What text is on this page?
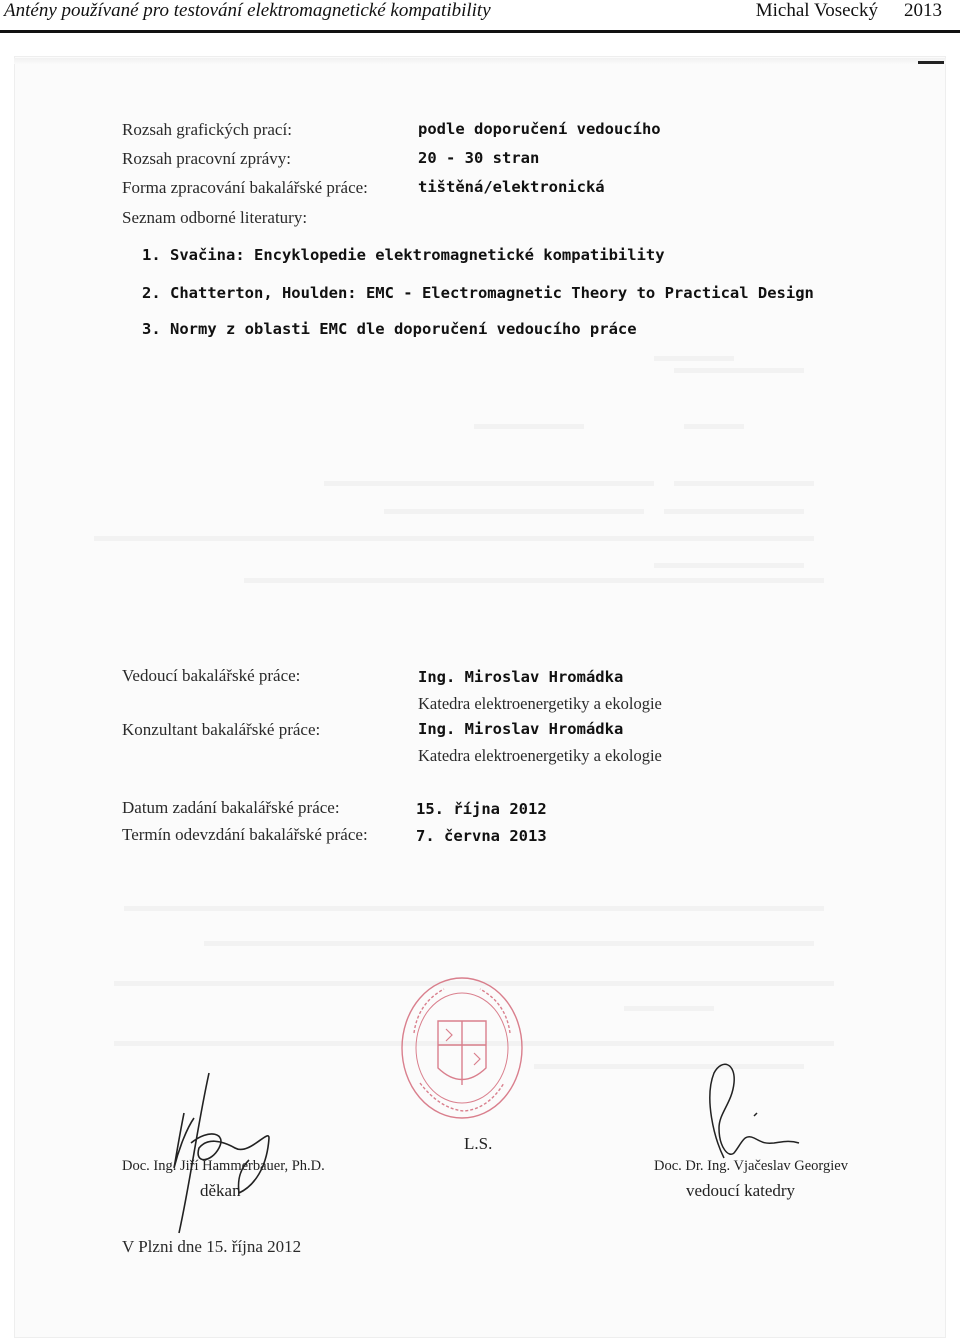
Antény používané pro testování elektromagnetické kompatibility	Michal Vosecký 2013
Rozsah grafických prací:	podle doporučení vedoucího
Rozsah pracovní zprávy:	20 - 30 stran
Forma zpracování bakalářské práce:	tištěná/elektronická
Seznam odborné literatury:
1. Svačina: Encyklopedie elektromagnetické kompatibility
2. Chatterton, Houlden: EMC - Electromagnetic Theory to Practical Design
3. Normy z oblasti EMC dle doporučení vedoucího práce
Vedoucí bakalářské práce:	Ing. Miroslav Hromádka
Katedra elektroenergetiky a ekologie
Konzultant bakalářské práce:	Ing. Miroslav Hromádka
Katedra elektroenergetiky a ekologie
Datum zadání bakalářské práce:	15. října 2012
Termín odevzdání bakalářské práce:	7. června 2013
Doc. Ing. Jiří Hammerbauer, Ph.D.
děkan
L.S.
Doc. Dr. Ing. Vjačeslav Georgiev
vedoucí katedry
V Plzni dne 15. října 2012
